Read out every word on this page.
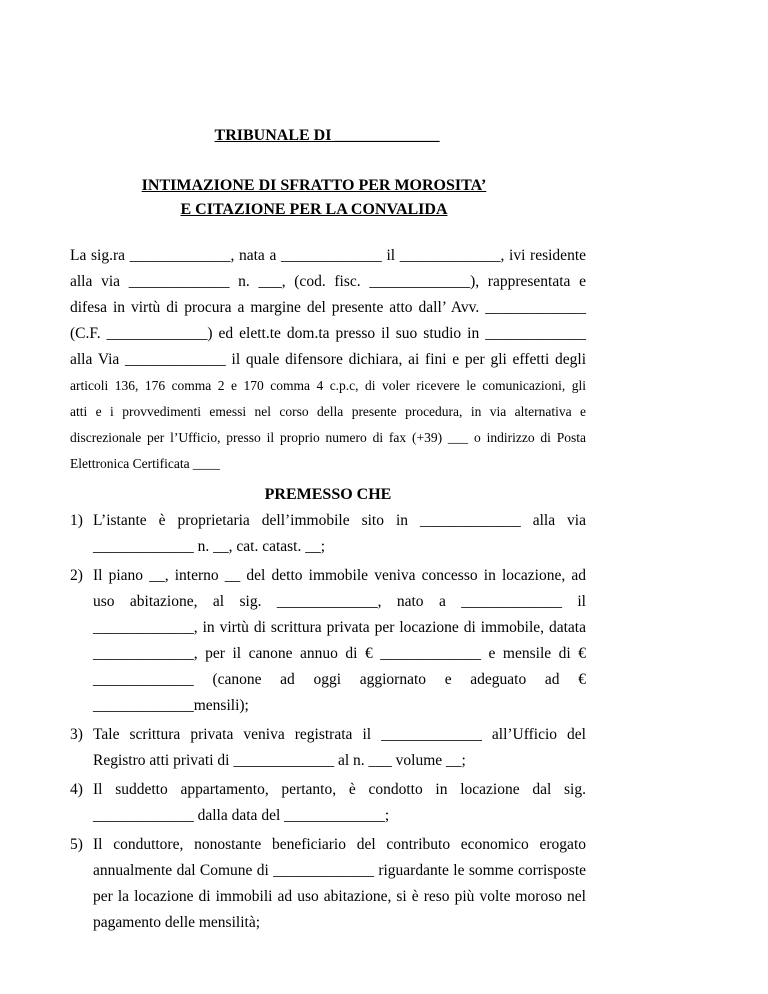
TRIBUNALE DI _____________
INTIMAZIONE DI SFRATTO PER MOROSITA’
E CITAZIONE PER LA CONVALIDA
La sig.ra _____________, nata a _____________ il _____________, ivi residente
alla via _____________ n. ___, (cod. fisc. _____________), rappresentata e
difesa in virtù di procura a margine del presente atto dall’ Avv. _____________
(C.F. _____________) ed elett.te dom.ta presso il suo studio in _____________
alla Via _____________ il quale difensore dichiara, ai fini e per gli effetti degli
articoli 136, 176 comma 2 e 170 comma 4 c.p.c, di voler ricevere le comunicazioni, gli
atti e i provvedimenti emessi nel corso della presente procedura, in via alternativa e
discrezionale per l’Ufficio, presso il proprio numero di fax (+39) ___ o indirizzo di Posta
Elettronica Certificata ____
PREMESSO CHE
1) L’istante è proprietaria dell’immobile sito in _____________ alla via
_____________ n. __, cat. catast. __;
2) Il piano __, interno __ del detto immobile veniva concesso in locazione, ad
uso abitazione, al sig. _____________, nato a _____________ il
_____________, in virtù di scrittura privata per locazione di immobile, datata
_____________, per il canone annuo di € _____________ e mensile di €
_____________ (canone ad oggi aggiornato e adeguato ad €
_____________mensili);
3) Tale scrittura privata veniva registrata il _____________ all’Ufficio del
Registro atti privati di _____________ al n. ___ volume __;
4) Il suddetto appartamento, pertanto, è condotto in locazione dal sig.
_____________ dalla data del _____________;
5) Il conduttore, nonostante beneficiario del contributo economico erogato
annualmente dal Comune di _____________ riguardante le somme corrisposte
per la locazione di immobili ad uso abitazione, si è reso più volte moroso nel
pagamento delle mensilità;
